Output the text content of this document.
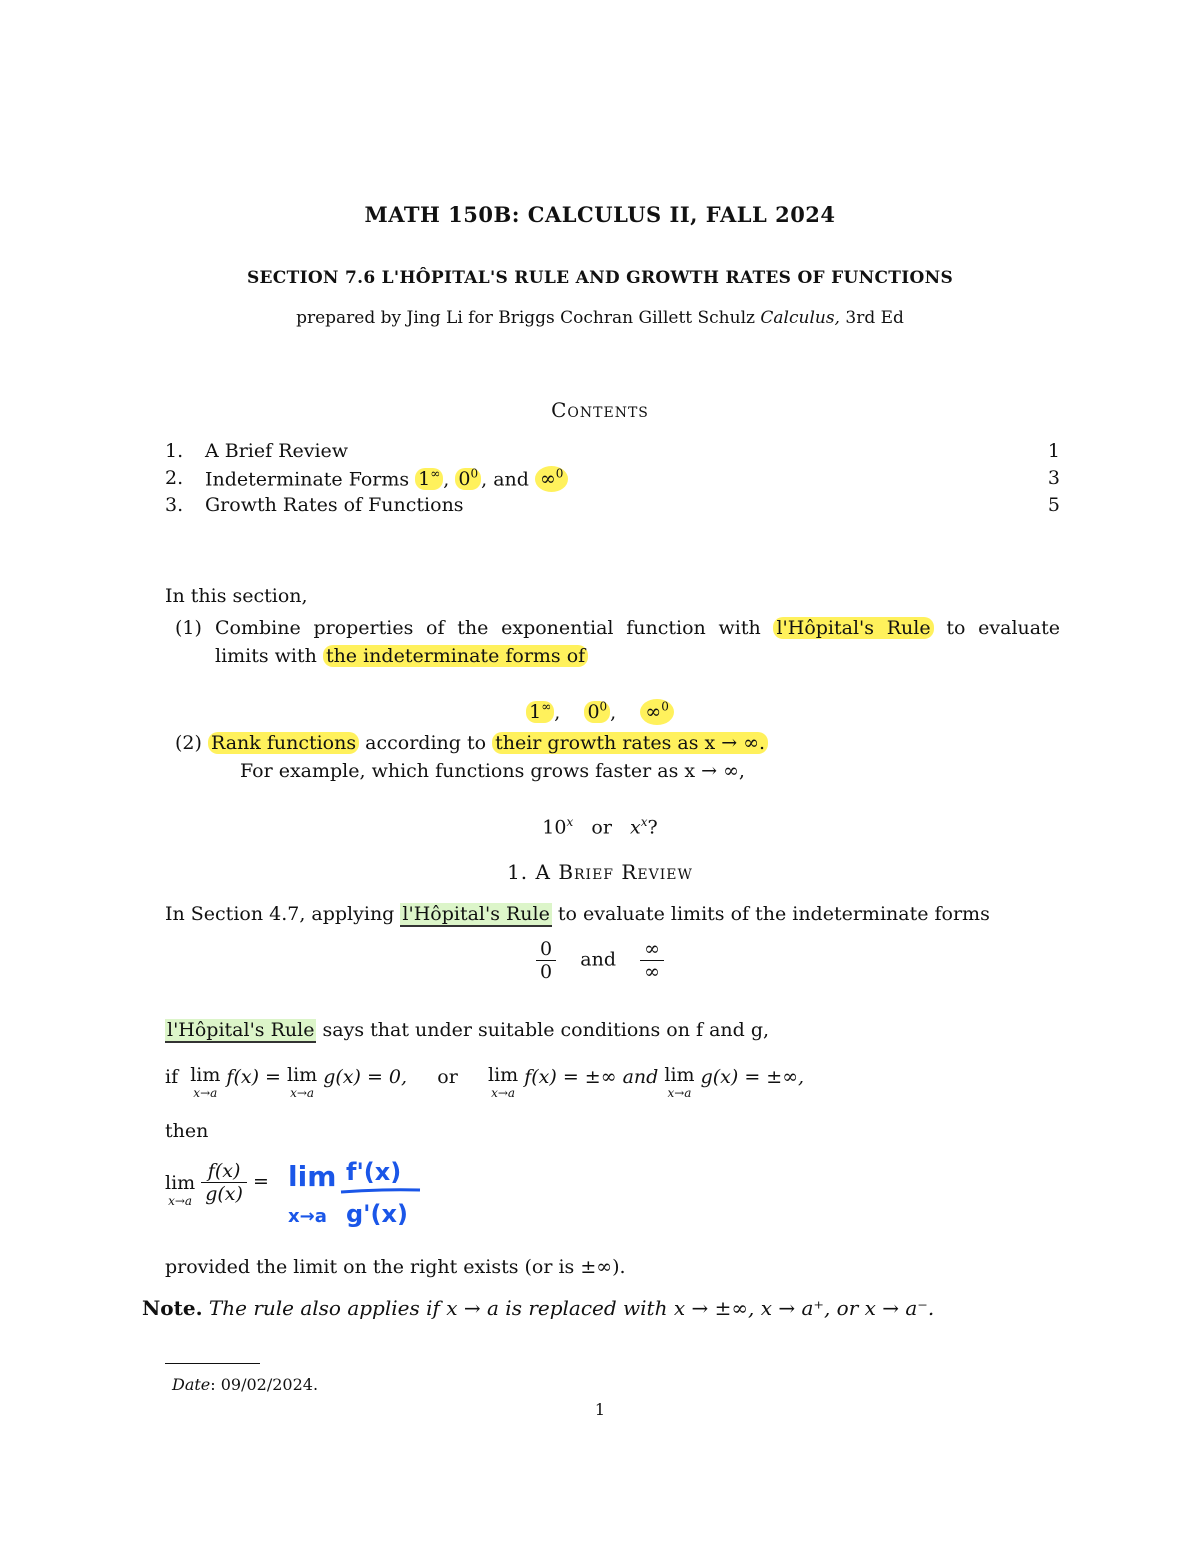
MATH 150B: CALCULUS II, FALL 2024
SECTION 7.6 L'HÔPITAL'S RULE AND GROWTH RATES OF FUNCTIONS
prepared by Jing Li for Briggs Cochran Gillett Schulz Calculus, 3rd Ed
Contents
1. A Brief Review	1
2. Indeterminate Forms 1∞ , $0^0$ , and ∞$^0$	3
3. Growth Rates of Functions	5
In this section,
(1) Combine properties of the exponential function with l'Hôpital's Rule to evaluate
limits with the indeterminate forms of
1∞ ,    $0^0$ ,    ∞$^0$
(2) Rank functions according to their growth rates as x → ∞.
For example, which functions grows faster as x → ∞,
10$^x$ or $x^x$?
1. A Brief Review
In Section 4.7, applying l'Hôpital's Rule to evaluate limits of the indeterminate forms
$\frac{0}{0}$ and $\frac{\infty}{\infty}$
l'Hôpital's Rule says that under suitable conditions on f and g,
if lim
x→a
f(x) = lim
x→a
g(x) = 0, or lim
x→a
f(x) = ±∞ and lim
x→a
g(x) = ±∞,
then
lim
x→a
$\frac{f(x)}{g(x)} = \lim$
x→a
f'(x)
g'(x)
provided the limit on the right exists (or is ±∞).
Note. The rule also applies if x → a is replaced with x → ±∞, x → a⁺, or x → a⁻.
Date: 09/02/2024.
1
